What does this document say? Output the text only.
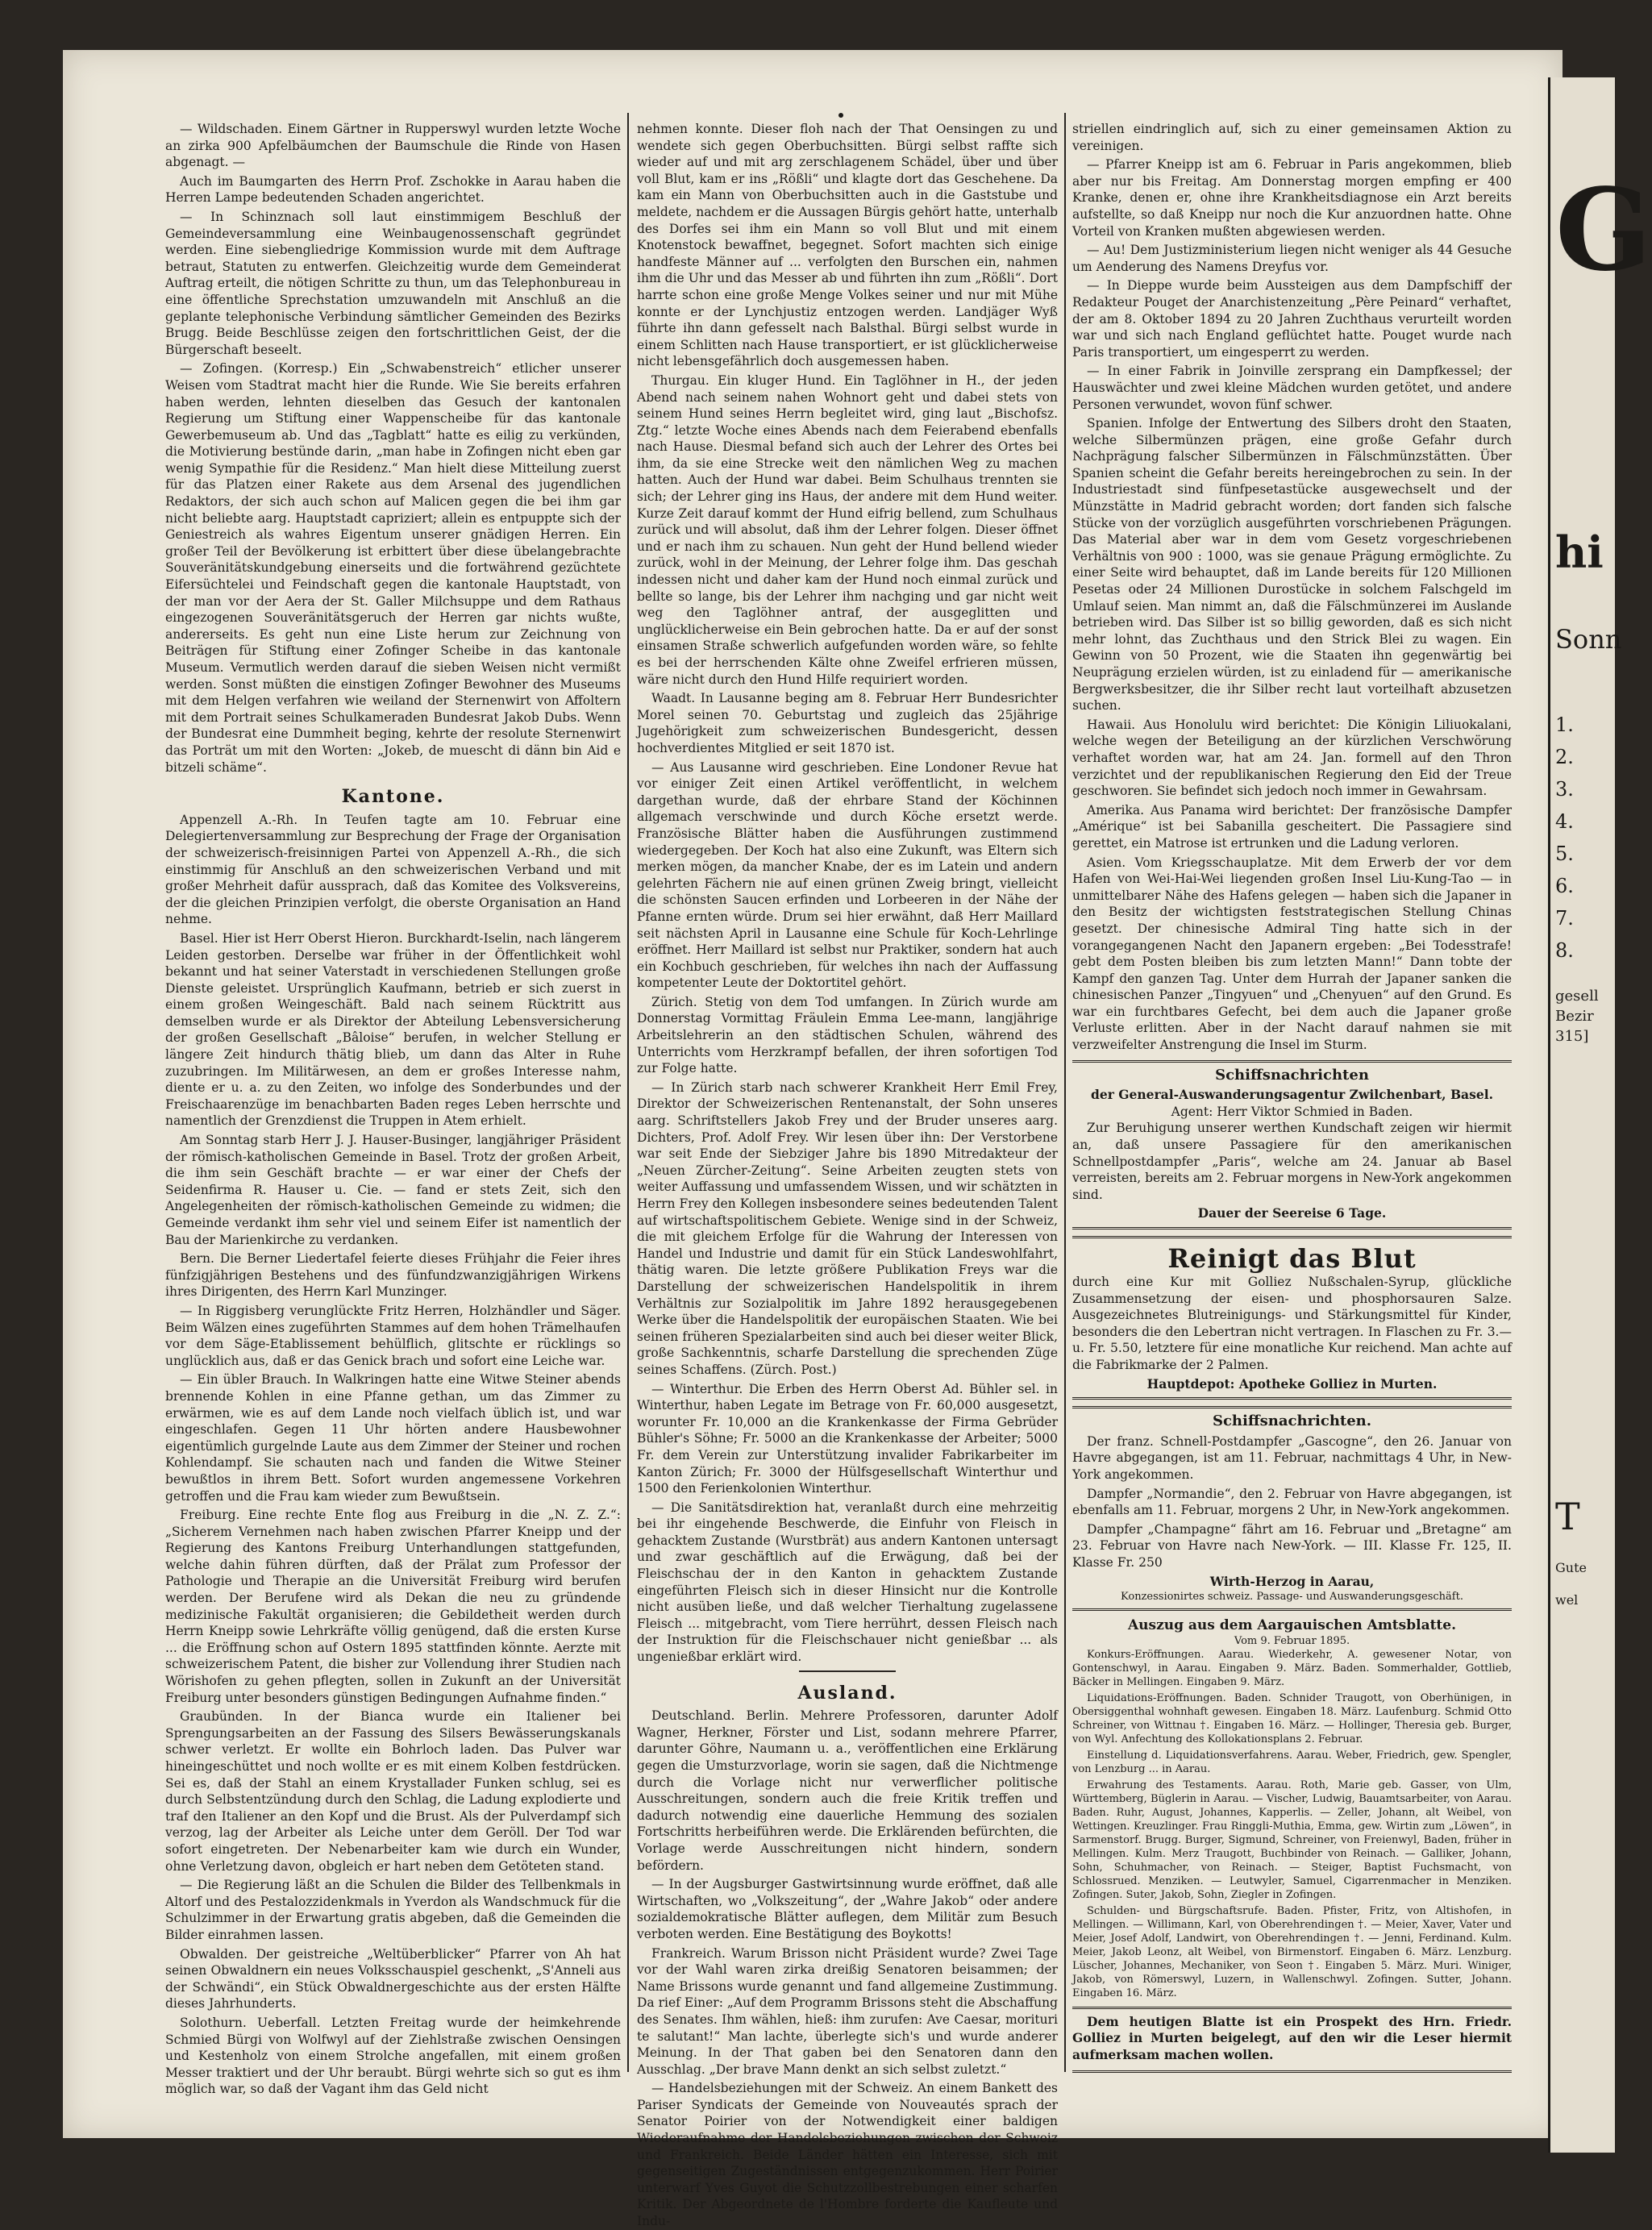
G
hi
Sonn
1.
2.
3.
4.
5.
6.
7.
8.
gesell
Bezir
315]
T
Gute
wel

— Wildschaden. Einem Gärtner in Rupperswyl wurden letzte Woche an zirka 900 Apfelbäumchen der Baumschule die Rinde von Hasen abgenagt. —

Auch im Baumgarten des Herrn Prof. Zschokke in Aarau haben die Herren Lampe bedeutenden Schaden angerichtet.

— In Schinznach soll laut einstimmigem Beschluß der Gemeindeversammlung eine Weinbaugenossenschaft gegründet werden. Eine siebengliedrige Kommission wurde mit dem Auftrage betraut, Statuten zu entwerfen. Gleichzeitig wurde dem Gemeinderat Auftrag erteilt, die nötigen Schritte zu thun, um das Telephonbureau in eine öffentliche Sprechstation umzuwandeln mit Anschluß an die geplante telephonische Verbindung sämtlicher Gemeinden des Bezirks Brugg. Beide Beschlüsse zeigen den fortschrittlichen Geist, der die Bürgerschaft beseelt.

— Zofingen. (Korresp.) Ein „Schwabenstreich“ etlicher unserer Weisen vom Stadtrat macht hier die Runde. Wie Sie bereits erfahren haben werden, lehnten dieselben das Gesuch der kantonalen Regierung um Stiftung einer Wappenscheibe für das kantonale Gewerbemuseum ab. Und das „Tagblatt“ hatte es eilig zu verkünden, die Motivierung bestünde darin, „man habe in Zofingen nicht eben gar wenig Sympathie für die Residenz.“ Man hielt diese Mitteilung zuerst für das Platzen einer Rakete aus dem Arsenal des jugendlichen Redaktors, der sich auch schon auf Malicen gegen die bei ihm gar nicht beliebte aarg. Hauptstadt capriziert; allein es entpuppte sich der Geniestreich als wahres Eigentum unserer gnädigen Herren. Ein großer Teil der Bevölkerung ist erbittert über diese übelangebrachte Souveränitätskundgebung einerseits und die fortwährend gezüchtete Eifersüchtelei und Feindschaft gegen die kantonale Hauptstadt, von der man vor der Aera der St. Galler Milchsuppe und dem Rathaus eingezogenen Souveränitätsgeruch der Herren gar nichts wußte, andererseits. Es geht nun eine Liste herum zur Zeichnung von Beiträgen für Stiftung einer Zofinger Scheibe in das kantonale Museum. Vermutlich werden darauf die sieben Weisen nicht vermißt werden. Sonst müßten die einstigen Zofinger Bewohner des Museums mit dem Helgen verfahren wie weiland der Sternenwirt von Affoltern mit dem Portrait seines Schulkameraden Bundesrat Jakob Dubs. Wenn der Bundesrat eine Dummheit beging, kehrte der resolute Sternenwirt das Porträt um mit den Worten: „Jokeb, de muescht di dänn bin Aid e bitzeli schäme“.

Kantone.

Appenzell A.-Rh. In Teufen tagte am 10. Februar eine Delegiertenversammlung zur Besprechung der Frage der Organisation der schweizerisch-freisinnigen Partei von Appenzell A.-Rh., die sich einstimmig für Anschluß an den schweizerischen Verband und mit großer Mehrheit dafür aussprach, daß das Komitee des Volksvereins, der die gleichen Prinzipien verfolgt, die oberste Organisation an Hand nehme.

Basel. Hier ist Herr Oberst Hieron. Burckhardt-Iselin, nach längerem Leiden gestorben. Derselbe war früher in der Öffentlichkeit wohl bekannt und hat seiner Vaterstadt in verschiedenen Stellungen große Dienste geleistet. Ursprünglich Kaufmann, betrieb er sich zuerst in einem großen Weingeschäft. Bald nach seinem Rücktritt aus demselben wurde er als Direktor der Abteilung Lebensversicherung der großen Gesellschaft „Bâloise“ berufen, in welcher Stellung er längere Zeit hindurch thätig blieb, um dann das Alter in Ruhe zuzubringen. Im Militärwesen, an dem er großes Interesse nahm, diente er u. a. zu den Zeiten, wo infolge des Sonderbundes und der Freischaarenzüge im benachbarten Baden reges Leben herrschte und namentlich der Grenzdienst die Truppen in Atem erhielt.

Am Sonntag starb Herr J. J. Hauser-Businger, langjähriger Präsident der römisch-katholischen Gemeinde in Basel. Trotz der großen Arbeit, die ihm sein Geschäft brachte — er war einer der Chefs der Seidenfirma R. Hauser u. Cie. — fand er stets Zeit, sich den Angelegenheiten der römisch-katholischen Gemeinde zu widmen; die Gemeinde verdankt ihm sehr viel und seinem Eifer ist namentlich der Bau der Marienkirche zu verdanken.

Bern. Die Berner Liedertafel feierte dieses Frühjahr die Feier ihres fünfzigjährigen Bestehens und des fünfundzwanzigjährigen Wirkens ihres Dirigenten, des Herrn Karl Munzinger.

— In Riggisberg verunglückte Fritz Herren, Holzhändler und Säger. Beim Wälzen eines zugeführten Stammes auf dem hohen Trämelhaufen vor dem Säge-Etablissement behülflich, glitschte er rücklings so unglücklich aus, daß er das Genick brach und sofort eine Leiche war.

— Ein übler Brauch. In Walkringen hatte eine Witwe Steiner abends brennende Kohlen in eine Pfanne gethan, um das Zimmer zu erwärmen, wie es auf dem Lande noch vielfach üblich ist, und war eingeschlafen. Gegen 11 Uhr hörten andere Hausbewohner eigentümlich gurgelnde Laute aus dem Zimmer der Steiner und rochen Kohlendampf. Sie schauten nach und fanden die Witwe Steiner bewußtlos in ihrem Bett. Sofort wurden angemessene Vorkehren getroffen und die Frau kam wieder zum Bewußtsein.

Freiburg. Eine rechte Ente flog aus Freiburg in die „N. Z. Z.“: „Sicherem Vernehmen nach haben zwischen Pfarrer Kneipp und der Regierung des Kantons Freiburg Unterhandlungen stattgefunden, welche dahin führen dürften, daß der Prälat zum Professor der Pathologie und Therapie an die Universität Freiburg wird berufen werden. Der Berufene wird als Dekan die neu zu gründende medizinische Fakultät organisieren; die Gebildetheit werden durch Herrn Kneipp sowie Lehrkräfte völlig genügend, daß die ersten Kurse ... die Eröffnung schon auf Ostern 1895 stattfinden könnte. Aerzte mit schweizerischem Patent, die bisher zur Vollendung ihrer Studien nach Wörishofen zu gehen pflegten, sollen in Zukunft an der Universität Freiburg unter besonders günstigen Bedingungen Aufnahme finden.“

Graubünden. In der Bianca wurde ein Italiener bei Sprengungsarbeiten an der Fassung des Silsers Bewässerungskanals schwer verletzt. Er wollte ein Bohrloch laden. Das Pulver war hineingeschüttet und noch wollte er es mit einem Kolben festdrücken. Sei es, daß der Stahl an einem Krystallader Funken schlug, sei es durch Selbstentzündung durch den Schlag, die Ladung explodierte und traf den Italiener an den Kopf und die Brust. Als der Pulverdampf sich verzog, lag der Arbeiter als Leiche unter dem Geröll. Der Tod war sofort eingetreten. Der Nebenarbeiter kam wie durch ein Wunder, ohne Verletzung davon, obgleich er hart neben dem Getöteten stand.

— Die Regierung läßt an die Schulen die Bilder des Tellbenkmals in Altorf und des Pestalozzidenkmals in Yverdon als Wandschmuck für die Schulzimmer in der Erwartung gratis abgeben, daß die Gemeinden die Bilder einrahmen lassen.

Obwalden. Der geistreiche „Weltüberblicker“ Pfarrer von Ah hat seinen Obwaldnern ein neues Volksschauspiel geschenkt, „S'Anneli aus der Schwändi“, ein Stück Obwaldnergeschichte aus der ersten Hälfte dieses Jahrhunderts.

Solothurn. Ueberfall. Letzten Freitag wurde der heimkehrende Schmied Bürgi von Wolfwyl auf der Ziehlstraße zwischen Oensingen und Kestenholz von einem Strolche angefallen, mit einem großen Messer traktiert und der Uhr beraubt. Bürgi wehrte sich so gut es ihm möglich war, so daß der Vagant ihm das Geld nicht

nehmen konnte. Dieser floh nach der That Oensingen zu und wendete sich gegen Oberbuchsitten. Bürgi selbst raffte sich wieder auf und mit arg zerschlagenem Schädel, über und über voll Blut, kam er ins „Rößli“ und klagte dort das Geschehene. Da kam ein Mann von Oberbuchsitten auch in die Gaststube und meldete, nachdem er die Aussagen Bürgis gehört hatte, unterhalb des Dorfes sei ihm ein Mann so voll Blut und mit einem Knotenstock bewaffnet, begegnet. Sofort machten sich einige handfeste Männer auf ... verfolgten den Burschen ein, nahmen ihm die Uhr und das Messer ab und führten ihn zum „Rößli“. Dort harrte schon eine große Menge Volkes seiner und nur mit Mühe konnte er der Lynchjustiz entzogen werden. Landjäger Wyß führte ihn dann gefesselt nach Balsthal. Bürgi selbst wurde in einem Schlitten nach Hause transportiert, er ist glücklicherweise nicht lebensgefährlich doch ausgemessen haben.

Thurgau. Ein kluger Hund. Ein Taglöhner in H., der jeden Abend nach seinem nahen Wohnort geht und dabei stets von seinem Hund seines Herrn begleitet wird, ging laut „Bischofsz. Ztg.“ letzte Woche eines Abends nach dem Feierabend ebenfalls nach Hause. Diesmal befand sich auch der Lehrer des Ortes bei ihm, da sie eine Strecke weit den nämlichen Weg zu machen hatten. Auch der Hund war dabei. Beim Schulhaus trennten sie sich; der Lehrer ging ins Haus, der andere mit dem Hund weiter. Kurze Zeit darauf kommt der Hund eifrig bellend, zum Schulhaus zurück und will absolut, daß ihm der Lehrer folgen. Dieser öffnet und er nach ihm zu schauen. Nun geht der Hund bellend wieder zurück, wohl in der Meinung, der Lehrer folge ihm. Das geschah indessen nicht und daher kam der Hund noch einmal zurück und bellte so lange, bis der Lehrer ihm nachging und gar nicht weit weg den Taglöhner antraf, der ausgeglitten und unglücklicherweise ein Bein gebrochen hatte. Da er auf der sonst einsamen Straße schwerlich aufgefunden worden wäre, so fehlte es bei der herrschenden Kälte ohne Zweifel erfrieren müssen, wäre nicht durch den Hund Hilfe requiriert worden.

Waadt. In Lausanne beging am 8. Februar Herr Bundesrichter Morel seinen 70. Geburtstag und zugleich das 25jährige Jugehörigkeit zum schweizerischen Bundesgericht, dessen hochverdientes Mitglied er seit 1870 ist.

— Aus Lausanne wird geschrieben. Eine Londoner Revue hat vor einiger Zeit einen Artikel veröffentlicht, in welchem dargethan wurde, daß der ehrbare Stand der Köchinnen allgemach verschwinde und durch Köche ersetzt werde. Französische Blätter haben die Ausführungen zustimmend wiedergegeben. Der Koch hat also eine Zukunft, was Eltern sich merken mögen, da mancher Knabe, der es im Latein und andern gelehrten Fächern nie auf einen grünen Zweig bringt, vielleicht die schönsten Saucen erfinden und Lorbeeren in der Nähe der Pfanne ernten würde. Drum sei hier erwähnt, daß Herr Maillard seit nächsten April in Lausanne eine Schule für Koch-Lehrlinge eröffnet. Herr Maillard ist selbst nur Praktiker, sondern hat auch ein Kochbuch geschrieben, für welches ihn nach der Auffassung kompetenter Leute der Doktortitel gehört.

Zürich. Stetig von dem Tod umfangen. In Zürich wurde am Donnerstag Vormittag Fräulein Emma Lee-mann, langjährige Arbeitslehrerin an den städtischen Schulen, während des Unterrichts vom Herzkrampf befallen, der ihren sofortigen Tod zur Folge hatte.

— In Zürich starb nach schwerer Krankheit Herr Emil Frey, Direktor der Schweizerischen Rentenanstalt, der Sohn unseres aarg. Schriftstellers Jakob Frey und der Bruder unseres aarg. Dichters, Prof. Adolf Frey. Wir lesen über ihn: Der Verstorbene war seit Ende der Siebziger Jahre bis 1890 Mitredakteur der „Neuen Zürcher-Zeitung“. Seine Arbeiten zeugten stets von weiter Auffassung und umfassendem Wissen, und wir schätzten in Herrn Frey den Kollegen insbesondere seines bedeutenden Talent auf wirtschaftspolitischem Gebiete. Wenige sind in der Schweiz, die mit gleichem Erfolge für die Wahrung der Interessen von Handel und Industrie und damit für ein Stück Landeswohlfahrt, thätig waren. Die letzte größere Publikation Freys war die Darstellung der schweizerischen Handelspolitik in ihrem Verhältnis zur Sozialpolitik im Jahre 1892 herausgegebenen Werke über die Handelspolitik der europäischen Staaten. Wie bei seinen früheren Spezialarbeiten sind auch bei dieser weiter Blick, große Sachkenntnis, scharfe Darstellung die sprechenden Züge seines Schaffens. (Zürch. Post.)

— Winterthur. Die Erben des Herrn Oberst Ad. Bühler sel. in Winterthur, haben Legate im Betrage von Fr. 60,000 ausgesetzt, worunter Fr. 10,000 an die Krankenkasse der Firma Gebrüder Bühler's Söhne; Fr. 5000 an die Krankenkasse der Arbeiter; 5000 Fr. dem Verein zur Unterstützung invalider Fabrikarbeiter im Kanton Zürich; Fr. 3000 der Hülfsgesellschaft Winterthur und 1500 den Ferienkolonien Winterthur.

— Die Sanitätsdirektion hat, veranlaßt durch eine mehrzeitig bei ihr eingehende Beschwerde, die Einfuhr von Fleisch in gehacktem Zustande (Wurstbrät) aus andern Kantonen untersagt und zwar geschäftlich auf die Erwägung, daß bei der Fleischschau der in den Kanton in gehacktem Zustande eingeführten Fleisch sich in dieser Hinsicht nur die Kontrolle nicht ausüben ließe, und daß welcher Tierhaltung zugelassene Fleisch ... mitgebracht, vom Tiere herrührt, dessen Fleisch nach der Instruktion für die Fleischschauer nicht genießbar ... als ungenießbar erklärt wird.

Ausland.

Deutschland. Berlin. Mehrere Professoren, darunter Adolf Wagner, Herkner, Förster und List, sodann mehrere Pfarrer, darunter Göhre, Naumann u. a., veröffentlichen eine Erklärung gegen die Umsturzvorlage, worin sie sagen, daß die Nichtmenge durch die Vorlage nicht nur verwerflicher politische Ausschreitungen, sondern auch die freie Kritik treffen und dadurch notwendig eine dauerliche Hemmung des sozialen Fortschritts herbeiführen werde. Die Erklärenden befürchten, die Vorlage werde Ausschreitungen nicht hindern, sondern befördern.

— In der Augsburger Gastwirtsinnung wurde eröffnet, daß alle Wirtschaften, wo „Volkszeitung“, der „Wahre Jakob“ oder andere sozialdemokratische Blätter auflegen, dem Militär zum Besuch verboten werden. Eine Bestätigung des Boykotts!

Frankreich. Warum Brisson nicht Präsident wurde? Zwei Tage vor der Wahl waren zirka dreißig Senatoren beisammen; der Name Brissons wurde genannt und fand allgemeine Zustimmung. Da rief Einer: „Auf dem Programm Brissons steht die Abschaffung des Senates. Ihm wählen, hieß: ihm zurufen: Ave Caesar, morituri te salutant!“ Man lachte, überlegte sich's und wurde anderer Meinung. In der That gaben bei den Senatoren dann den Ausschlag. „Der brave Mann denkt an sich selbst zuletzt.“

— Handelsbeziehungen mit der Schweiz. An einem Bankett des Pariser Syndicats der Gemeinde von Nouveautés sprach der Senator Poirier von der Notwendigkeit einer baldigen Wiederaufnahme der Handelsbeziehungen zwischen der Schweiz und Frankreich. Beide Länder hätten ein Interesse, sich mit gegenseitigen Zugeständnissen entgegenzukommen. Herr Poirier unterwarf Yves Guyot die Schutzzollbestrebungen einer scharfen Kritik. Der Abgeordnete de l'Hombre forderte die Kaufleute und Indu-

striellen eindringlich auf, sich zu einer gemeinsamen Aktion zu vereinigen.

— Pfarrer Kneipp ist am 6. Februar in Paris angekommen, blieb aber nur bis Freitag. Am Donnerstag morgen empfing er 400 Kranke, denen er, ohne ihre Krankheitsdiagnose ein Arzt bereits aufstellte, so daß Kneipp nur noch die Kur anzuordnen hatte. Ohne Vorteil von Kranken mußten abgewiesen werden.

— Au! Dem Justizministerium liegen nicht weniger als 44 Gesuche um Aenderung des Namens Dreyfus vor.

— In Dieppe wurde beim Aussteigen aus dem Dampfschiff der Redakteur Pouget der Anarchistenzeitung „Père Peinard“ verhaftet, der am 8. Oktober 1894 zu 20 Jahren Zuchthaus verurteilt worden war und sich nach England geflüchtet hatte. Pouget wurde nach Paris transportiert, um eingesperrt zu werden.

— In einer Fabrik in Joinville zersprang ein Dampfkessel; der Hauswächter und zwei kleine Mädchen wurden getötet, und andere Personen verwundet, wovon fünf schwer.

Spanien. Infolge der Entwertung des Silbers droht den Staaten, welche Silbermünzen prägen, eine große Gefahr durch Nachprägung falscher Silbermünzen in Fälschmünzstätten. Über Spanien scheint die Gefahr bereits hereingebrochen zu sein. In der Industriestadt sind fünfpesetastücke ausgewechselt und der Münzstätte in Madrid gebracht worden; dort fanden sich falsche Stücke von der vorzüglich ausgeführten vorschriebenen Prägungen. Das Material aber war in dem vom Gesetz vorgeschriebenen Verhältnis von 900 : 1000, was sie genaue Prägung ermöglichte. Zu einer Seite wird behauptet, daß im Lande bereits für 120 Millionen Pesetas oder 24 Millionen Durostücke in solchem Falschgeld im Umlauf seien. Man nimmt an, daß die Fälschmünzerei im Auslande betrieben wird. Das Silber ist so billig geworden, daß es sich nicht mehr lohnt, das Zuchthaus und den Strick Blei zu wagen. Ein Gewinn von 50 Prozent, wie die Staaten ihn gegenwärtig bei Neuprägung erzielen würden, ist zu einladend für — amerikanische Bergwerksbesitzer, die ihr Silber recht laut vorteilhaft abzusetzen suchen.

Hawaii. Aus Honolulu wird berichtet: Die Königin Liliuokalani, welche wegen der Beteiligung an der kürzlichen Verschwörung verhaftet worden war, hat am 24. Jan. formell auf den Thron verzichtet und der republikanischen Regierung den Eid der Treue geschworen. Sie befindet sich jedoch noch immer in Gewahrsam.

Amerika. Aus Panama wird berichtet: Der französische Dampfer „Amérique“ ist bei Sabanilla gescheitert. Die Passagiere sind gerettet, ein Matrose ist ertrunken und die Ladung verloren.

Asien. Vom Kriegsschauplatze. Mit dem Erwerb der vor dem Hafen von Wei-Hai-Wei liegenden großen Insel Liu-Kung-Tao — in unmittelbarer Nähe des Hafens gelegen — haben sich die Japaner in den Besitz der wichtigsten feststrategischen Stellung Chinas gesetzt. Der chinesische Admiral Ting hatte sich in der vorangegangenen Nacht den Japanern ergeben: „Bei Todesstrafe! gebt dem Posten bleiben bis zum letzten Mann!“ Dann tobte der Kampf den ganzen Tag. Unter dem Hurrah der Japaner sanken die chinesischen Panzer „Tingyuen“ und „Chenyuen“ auf den Grund. Es war ein furchtbares Gefecht, bei dem auch die Japaner große Verluste erlitten. Aber in der Nacht darauf nahmen sie mit verzweifelter Anstrengung die Insel im Sturm.

Schiffsnachrichten
der General-Auswanderungsagentur Zwilchenbart, Basel.
Agent: Herr Viktor Schmied in Baden.

Zur Beruhigung unserer werthen Kundschaft zeigen wir hiermit an, daß unsere Passagiere für den amerikanischen Schnellpostdampfer „Paris“, welche am 24. Januar ab Basel verreisten, bereits am 2. Februar morgens in New-York angekommen sind.

Dauer der Seereise 6 Tage.
Reinigt das Blut

durch eine Kur mit Golliez Nußschalen-Syrup, glückliche Zusammensetzung der eisen- und phosphorsauren Salze. Ausgezeichnetes Blutreinigungs- und Stärkungsmittel für Kinder, besonders die den Lebertran nicht vertragen. In Flaschen zu Fr. 3.— u. Fr. 5.50, letztere für eine monatliche Kur reichend. Man achte auf die Fabrikmarke der 2 Palmen.

Hauptdepot: Apotheke Golliez in Murten.
Schiffsnachrichten.

Der franz. Schnell-Postdampfer „Gascogne“, den 26. Januar von Havre abgegangen, ist am 11. Februar, nachmittags 4 Uhr, in New-York angekommen.

Dampfer „Normandie“, den 2. Februar von Havre abgegangen, ist ebenfalls am 11. Februar, morgens 2 Uhr, in New-York angekommen.

Dampfer „Champagne“ fährt am 16. Februar und „Bretagne“ am 23. Februar von Havre nach New-York. — III. Klasse Fr. 125, II. Klasse Fr. 250

Wirth-Herzog in Aarau,
Konzessionirtes schweiz. Passage- und Auswanderungsgeschäft.
Auszug aus dem Aargauischen Amtsblatte.
Vom 9. Februar 1895.

Konkurs-Eröffnungen. Aarau. Wiederkehr, A. gewesener Notar, von Gontenschwyl, in Aarau. Eingaben 9. März. Baden. Sommerhalder, Gottlieb, Bäcker in Mellingen. Eingaben 9. März.

Liquidations-Eröffnungen. Baden. Schnider Traugott, von Oberhünigen, in Obersiggenthal wohnhaft gewesen. Eingaben 18. März. Laufenburg. Schmid Otto Schreiner, von Wittnau †. Eingaben 16. März. — Hollinger, Theresia geb. Burger, von Wyl. Anfechtung des Kollokationsplans 2. Februar.

Einstellung d. Liquidationsverfahrens. Aarau. Weber, Friedrich, gew. Spengler, von Lenzburg ... in Aarau.

Erwahrung des Testaments. Aarau. Roth, Marie geb. Gasser, von Ulm, Württemberg, Büglerin in Aarau. — Vischer, Ludwig, Bauamtsarbeiter, von Aarau. Baden. Ruhr, August, Johannes, Kapperlis. — Zeller, Johann, alt Weibel, von Wettingen. Kreuzlinger. Frau Ringgli-Muthia, Emma, gew. Wirtin zum „Löwen“, in Sarmenstorf. Brugg. Burger, Sigmund, Schreiner, von Freienwyl, Baden, früher in Mellingen. Kulm. Merz Traugott, Buchbinder von Reinach. — Galliker, Johann, Sohn, Schuhmacher, von Reinach. — Steiger, Baptist Fuchsmacht, von Schlossrued. Menziken. — Leutwyler, Samuel, Cigarrenmacher in Menziken. Zofingen. Suter, Jakob, Sohn, Ziegler in Zofingen.

Schulden- und Bürgschaftsrufe. Baden. Pfister, Fritz, von Altishofen, in Mellingen. — Willimann, Karl, von Oberehrendingen †. — Meier, Xaver, Vater und Meier, Josef Adolf, Landwirt, von Oberehrendingen †. — Jenni, Ferdinand. Kulm. Meier, Jakob Leonz, alt Weibel, von Birmenstorf. Eingaben 6. März. Lenzburg. Lüscher, Johannes, Mechaniker, von Seon †. Eingaben 5. März. Muri. Winiger, Jakob, von Römerswyl, Luzern, in Wallenschwyl. Zofingen. Sutter, Johann. Eingaben 16. März.

Dem heutigen Blatte ist ein Prospekt des Hrn. Friedr. Golliez in Murten beigelegt, auf den wir die Leser hiermit aufmerksam machen wollen.
